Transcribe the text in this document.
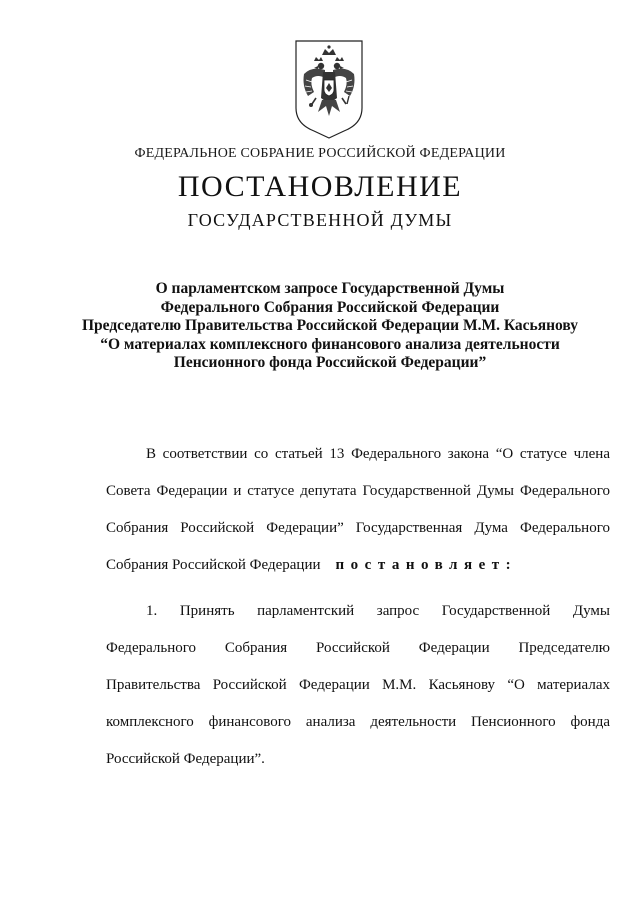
ФЕДЕРАЛЬНОЕ СОБРАНИЕ РОССИЙСКОЙ ФЕДЕРАЦИИ
ПОСТАНОВЛЕНИЕ
ГОСУДАРСТВЕННОЙ ДУМЫ
О парламентском запросе Государственной Думы
Федерального Собрания Российской Федерации
Председателю Правительства Российской Федерации М.М. Касьянову
“О материалах комплексного финансового анализа деятельности
Пенсионного фонда Российской Федерации”
В соответствии со статьей 13 Федерального закона “О статусе члена
Совета Федерации и статусе депутата Государственной Думы Федерального
Собрания Российской Федерации” Государственная Дума Федерального
Собрания Российской Федерации постановляет:
1. Принять парламентский запрос Государственной Думы
Федерального Собрания Российской Федерации Председателю
Правительства Российской Федерации М.М. Касьянову “О материалах
комплексного финансового анализа деятельности Пенсионного фонда
Российской Федерации”.
